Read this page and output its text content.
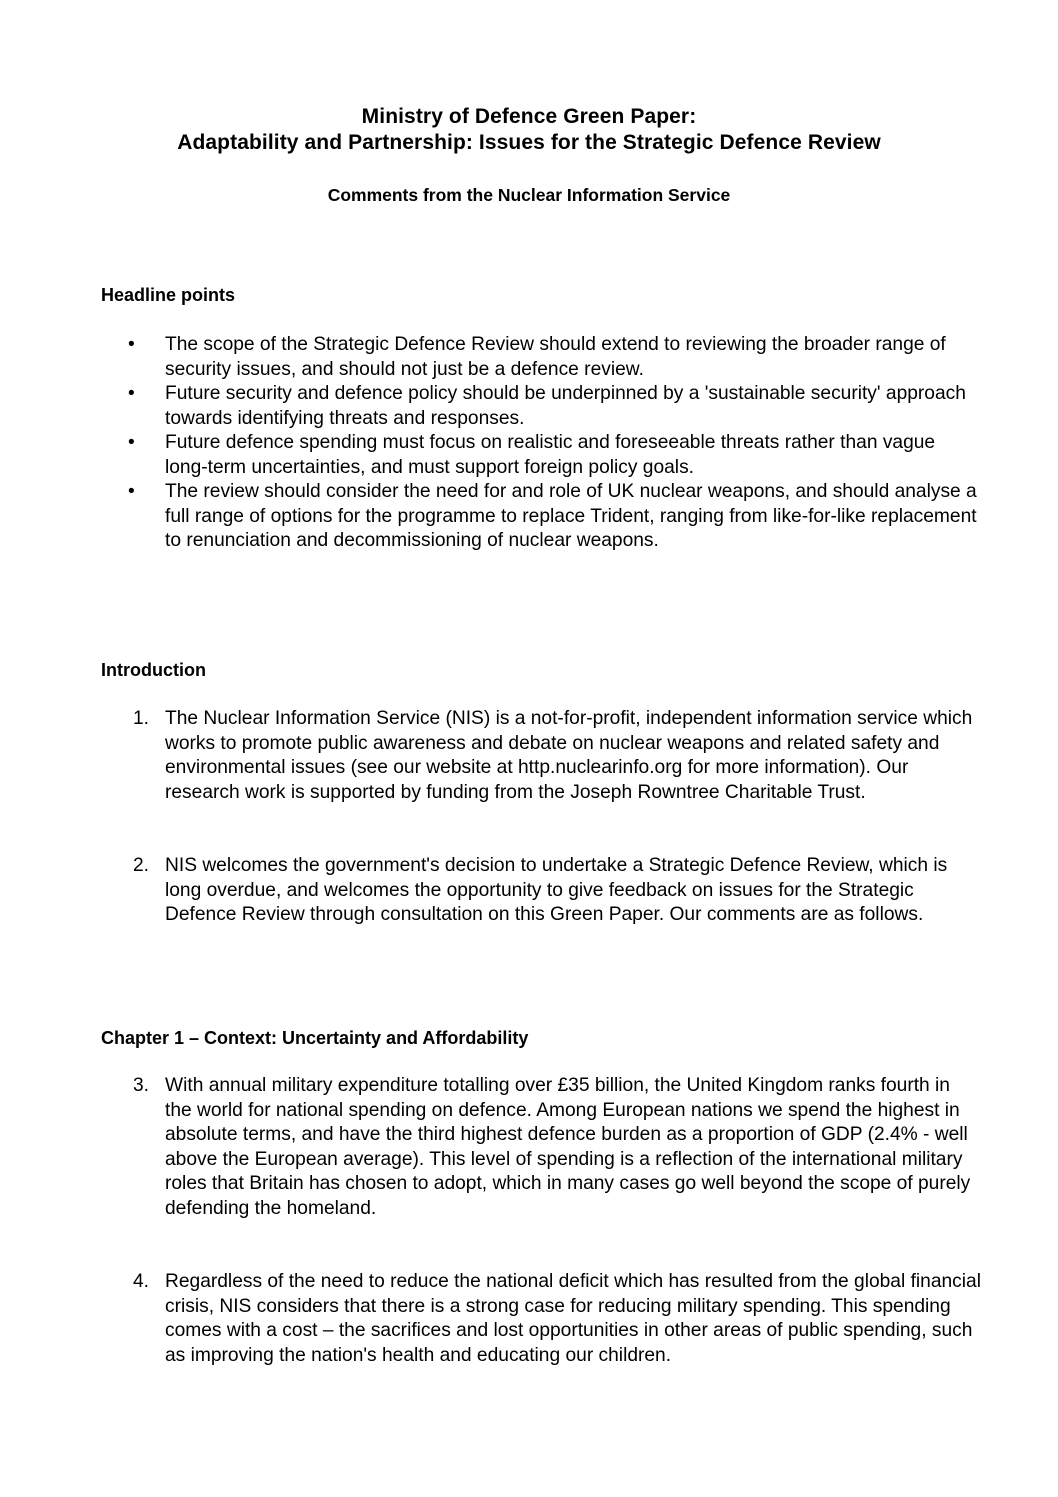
Ministry of Defence Green Paper:
Adaptability and Partnership: Issues for the Strategic Defence Review
Comments from the Nuclear Information Service
Headline points
• The scope of the Strategic Defence Review should extend to reviewing the broader range of security issues, and should not just be a defence review.
• Future security and defence policy should be underpinned by a 'sustainable security' approach towards identifying threats and responses.
• Future defence spending must focus on realistic and foreseeable threats rather than vague long-term uncertainties, and must support foreign policy goals.
• The review should consider the need for and role of UK nuclear weapons, and should analyse a full range of options for the programme to replace Trident, ranging from like-for-like replacement to renunciation and decommissioning of nuclear weapons.
Introduction
1. The Nuclear Information Service (NIS) is a not-for-profit, independent information service which works to promote public awareness and debate on nuclear weapons and related safety and environmental issues (see our website at http.nuclearinfo.org for more information). Our research work is supported by funding from the Joseph Rowntree Charitable Trust.
2. NIS welcomes the government's decision to undertake a Strategic Defence Review, which is long overdue, and welcomes the opportunity to give feedback on issues for the Strategic Defence Review through consultation on this Green Paper. Our comments are as follows.
Chapter 1 – Context: Uncertainty and Affordability
3. With annual military expenditure totalling over £35 billion, the United Kingdom ranks fourth in the world for national spending on defence. Among European nations we spend the highest in absolute terms, and have the third highest defence burden as a proportion of GDP (2.4% - well above the European average). This level of spending is a reflection of the international military roles that Britain has chosen to adopt, which in many cases go well beyond the scope of purely defending the homeland.
4. Regardless of the need to reduce the national deficit which has resulted from the global financial crisis, NIS considers that there is a strong case for reducing military spending. This spending comes with a cost – the sacrifices and lost opportunities in other areas of public spending, such as improving the nation's health and educating our children.
